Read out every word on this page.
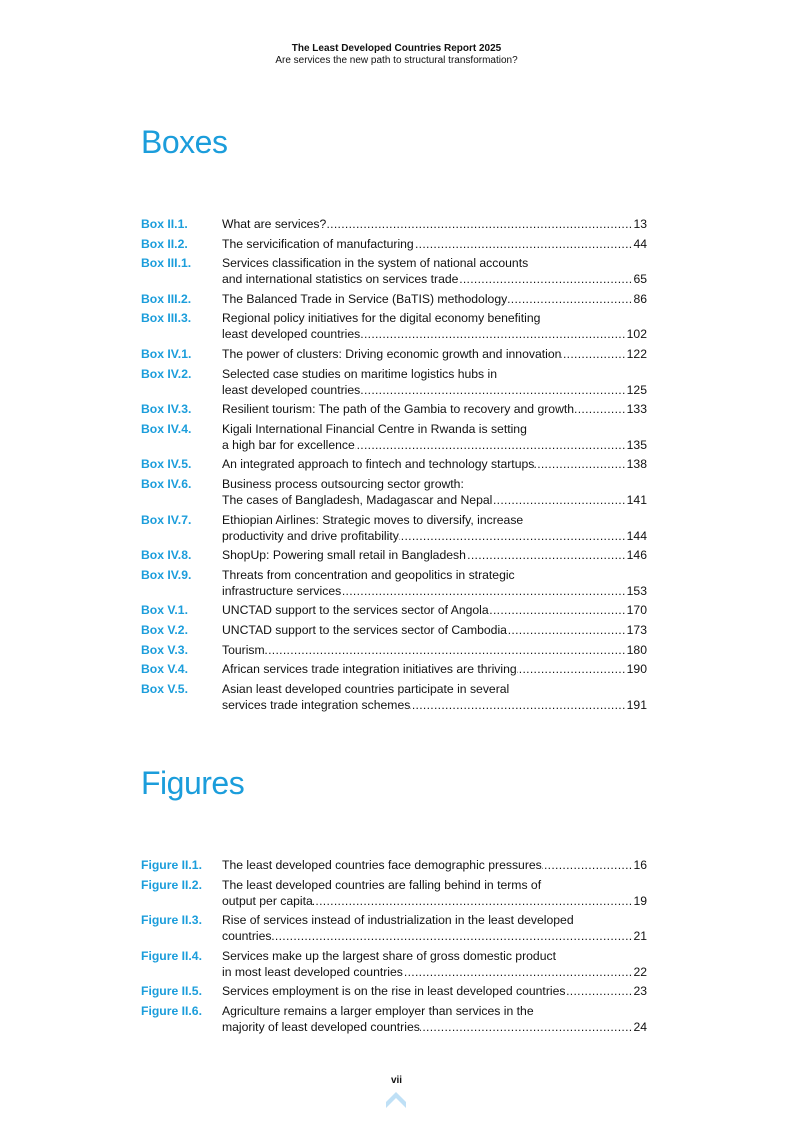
The Least Developed Countries Report 2025
Are services the new path to structural transformation?
Boxes
Box II.1.	What are services? .....	13
Box II.2.	The servicification of manufacturing .....	44
Box III.1.	Services classification in the system of national accounts
and international statistics on services trade .....	65
Box III.2.	The Balanced Trade in Service (BaTIS) methodology .....	86
Box III.3.	Regional policy initiatives for the digital economy benefiting
least developed countries .....	102
Box IV.1.	The power of clusters: Driving economic growth and innovation .....	122
Box IV.2.	Selected case studies on maritime logistics hubs in
least developed countries .....	125
Box IV.3.	Resilient tourism: The path of the Gambia to recovery and growth .....	133
Box IV.4.	Kigali International Financial Centre in Rwanda is setting
a high bar for excellence .....	135
Box IV.5.	An integrated approach to fintech and technology startups .....	138
Box IV.6.	Business process outsourcing sector growth:
The cases of Bangladesh, Madagascar and Nepal .....	141
Box IV.7.	Ethiopian Airlines: Strategic moves to diversify, increase
productivity and drive profitability .....	144
Box IV.8.	ShopUp: Powering small retail in Bangladesh .....	146
Box IV.9.	Threats from concentration and geopolitics in strategic
infrastructure services .....	153
Box V.1.	UNCTAD support to the services sector of Angola .....	170
Box V.2.	UNCTAD support to the services sector of Cambodia .....	173
Box V.3.	Tourism .....	180
Box V.4.	African services trade integration initiatives are thriving .....	190
Box V.5.	Asian least developed countries participate in several
services trade integration schemes .....	191
Figures
Figure II.1.	The least developed countries face demographic pressures .....	16
Figure II.2.	The least developed countries are falling behind in terms of
output per capita .....	19
Figure II.3.	Rise of services instead of industrialization in the least developed
countries .....	21
Figure II.4.	Services make up the largest share of gross domestic product
in most least developed countries .....	22
Figure II.5.	Services employment is on the rise in least developed countries .....	23
Figure II.6.	Agriculture remains a larger employer than services in the
majority of least developed countries .....	24
vii
